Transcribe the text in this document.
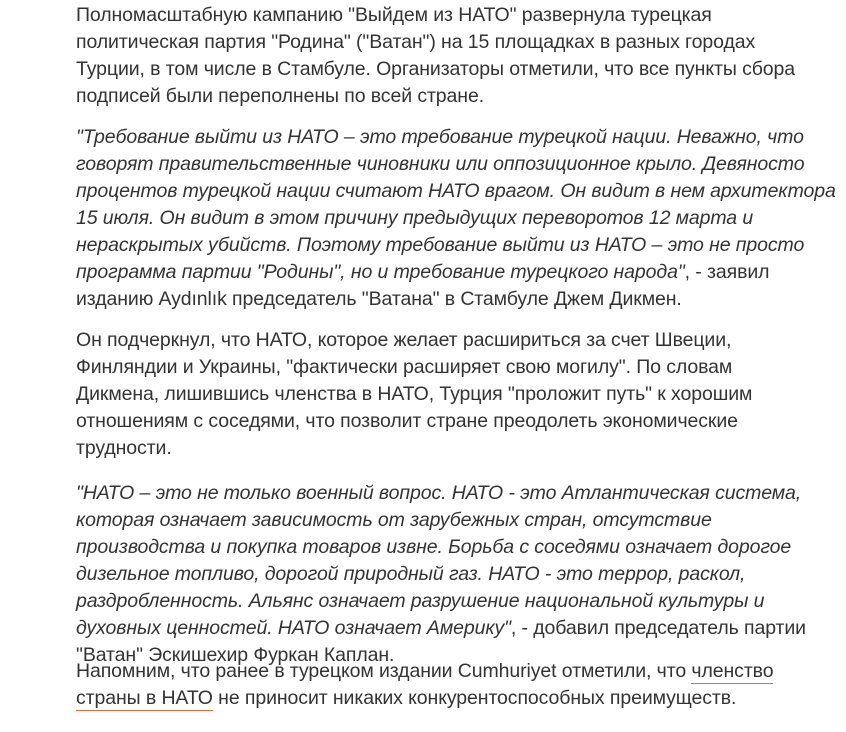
Полномасштабную кампанию "Выйдем из НАТО" развернула турецкая политическая партия "Родина" ("Ватан") на 15 площадках в разных городах Турции, в том числе в Стамбуле. Организаторы отметили, что все пункты сбора подписей были переполнены по всей стране.

"Требование выйти из НАТО – это требование турецкой нации. Неважно, что говорят правительственные чиновники или оппозиционное крыло. Девяносто процентов турецкой нации считают НАТО врагом. Он видит в нем архитектора 15 июля. Он видит в этом причину предыдущих переворотов 12 марта и нераскрытых убийств. Поэтому требование выйти из НАТО – это не просто программа партии "Родины", но и требование турецкого народа", - заявил изданию Aydınlık председатель "Ватана" в Стамбуле Джем Дикмен.

Он подчеркнул, что НАТО, которое желает расшириться за счет Швеции, Финляндии и Украины, "фактически расширяет свою могилу". По словам Дикмена, лишившись членства в НАТО, Турция "проложит путь" к хорошим отношениям с соседями, что позволит стране преодолеть экономические трудности.

"НАТО – это не только военный вопрос. НАТО - это Атлантическая система, которая означает зависимость от зарубежных стран, отсутствие производства и покупка товаров извне. Борьба с соседями означает дорогое дизельное топливо, дорогой природный газ. НАТО - это террор, раскол, раздробленность. Альянс означает разрушение национальной культуры и духовных ценностей. НАТО означает Америку", - добавил председатель партии "Ватан" Эскишехир Фуркан Каплан.

Напомним, что ранее в турецком издании Cumhuriyet отметили, что членство страны в НАТО не приносит никаких конкурентоспособных преимуществ.
